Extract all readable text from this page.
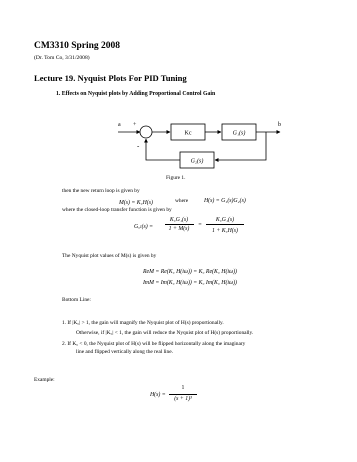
CM3310 Spring 2008
(Dr. Tom Co, 3/31/2008)
Lecture 19. Nyquist Plots For PID Tuning
1. Effects on Nyquist plots by Adding Proportional Control Gain
a +
-
b
Kc	G₁(s)
G₂(s)
Figure 1.
then the new return loop is given by
M(s) = K꜀H(s)	where	H(s) = G₁(s)G₂(s)
where the closed-loop transfer function is given by
G꜀ₗ(s) =
K꜀G₁(s)
1 + M(s)
=
K꜀G₁(s)
1 + K꜀H(s)
The Nyquist plot values of M(s) is given by
ReM = Re(K꜀ H(iω)) = K꜀ Re(K꜀ H(iω))
ImM = Im(K꜀ H(iω)) = K꜀ Im(K꜀ H(iω))
Bottom Line:
1. If |K꜀| > 1, the gain will magnify the Nyquist plot of H(s) proportionally.
Otherwise, if |K꜀| < 1, the gain will reduce the Nyquist plot of H(s) proportionally.
2. If K꜀ < 0, the Nyquist plot of H(s) will be flipped horizontally along the imaginary
line and flipped vertically along the real line.
Example:
H(s) =
1
(s + 1)³
